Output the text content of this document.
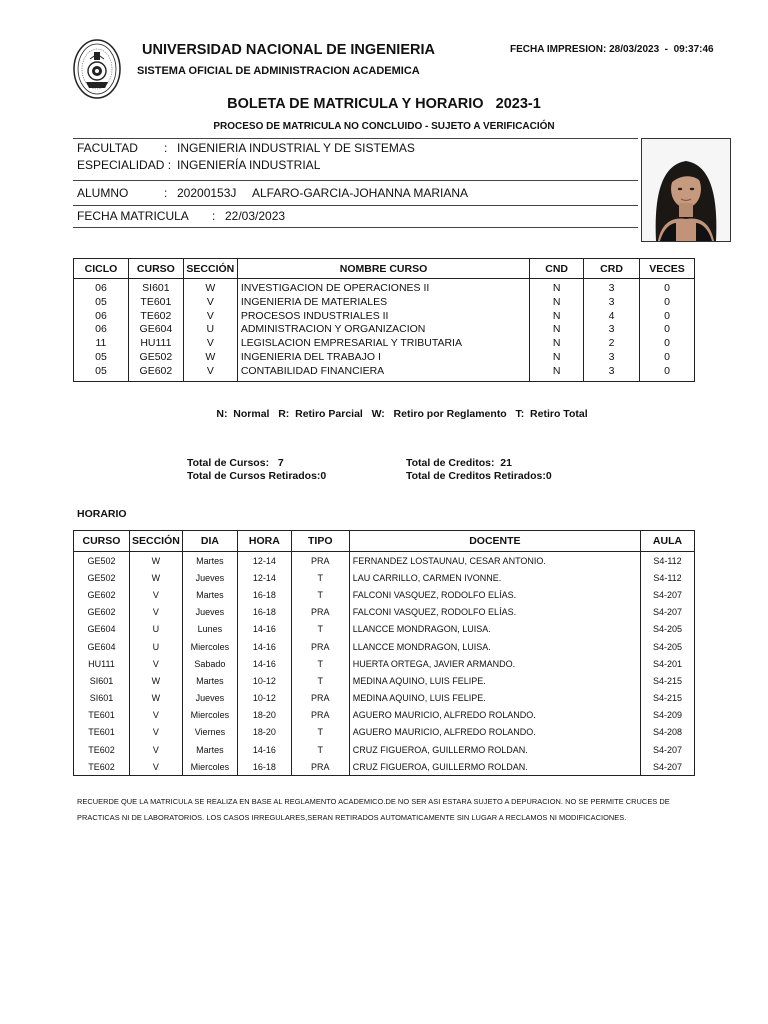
UNIVERSIDAD NACIONAL DE INGENIERIA
SISTEMA OFICIAL DE ADMINISTRACION ACADEMICA
FECHA IMPRESION: 28/03/2023  -  09:37:46
BOLETA DE MATRICULA Y HORARIO   2023-1
PROCESO DE MATRICULA NO CONCLUIDO - SUJETO A VERIFICACIÓN
FACULTAD : INGENIERIA INDUSTRIAL Y DE SISTEMAS
ESPECIALIDAD : INGENIERÍA INDUSTRIAL
ALUMNO	: 20200153J ALFARO-GARCIA-JOHANNA MARIANA
FECHA MATRICULA : 22/03/2023
CICLO	CURSO	SECCIÓN	NOMBRE CURSO	CND	CRD	VECES
06	SI601	W	INVESTIGACION DE OPERACIONES II	N	3	0
05	TE601	V	INGENIERIA DE MATERIALES	N	3	0
06	TE602	V	PROCESOS INDUSTRIALES II	N	4	0
06	GE604	U	ADMINISTRACION Y ORGANIZACION	N	3	0
11	HU111	V	LEGISLACION EMPRESARIAL Y TRIBUTARIA	N	2	0
05	GE502	W	INGENIERIA DEL TRABAJO I	N	3	0
05	GE602	V	CONTABILIDAD FINANCIERA	N	3	0
N:  Normal   R:  Retiro Parcial   W:   Retiro por Reglamento   T:  Retiro Total
Total de Cursos:   7
Total de Cursos Retirados:0
Total de Creditos:  21
Total de Creditos Retirados:0
HORARIO
CURSO	SECCIÓN	DIA	HORA	TIPO	DOCENTE	AULA
GE502	W	Martes	12-14	PRA	FERNANDEZ LOSTAUNAU, CESAR ANTONIO.	S4-112
GE502	W	Jueves	12-14	T	LAU CARRILLO, CARMEN IVONNE.	S4-112
GE602	V	Martes	16-18	T	FALCONI VASQUEZ, RODOLFO ELÍAS.	S4-207
GE602	V	Jueves	16-18	PRA	FALCONI VASQUEZ, RODOLFO ELÍAS.	S4-207
GE604	U	Lunes	14-16	T	LLANCCE MONDRAGON, LUISA.	S4-205
GE604	U	Miercoles	14-16	PRA	LLANCCE MONDRAGON, LUISA.	S4-205
HU111	V	Sabado	14-16	T	HUERTA ORTEGA, JAVIER ARMANDO.	S4-201
SI601	W	Martes	10-12	T	MEDINA AQUINO, LUIS FELIPE.	S4-215
SI601	W	Jueves	10-12	PRA	MEDINA AQUINO, LUIS FELIPE.	S4-215
TE601	V	Miercoles	18-20	PRA	AGUERO MAURICIO, ALFREDO ROLANDO.	S4-209
TE601	V	Viernes	18-20	T	AGUERO MAURICIO, ALFREDO ROLANDO.	S4-208
TE602	V	Martes	14-16	T	CRUZ FIGUEROA, GUILLERMO ROLDAN.	S4-207
TE602	V	Miercoles	16-18	PRA	CRUZ FIGUEROA, GUILLERMO ROLDAN.	S4-207
RECUERDE QUE LA MATRICULA SE REALIZA EN BASE AL REGLAMENTO ACADEMICO.DE NO SER ASI ESTARA SUJETO A DEPURACION. NO SE PERMITE CRUCES DE
PRACTICAS NI DE LABORATORIOS. LOS CASOS IRREGULARES,SERAN RETIRADOS AUTOMATICAMENTE SIN LUGAR A RECLAMOS NI MODIFICACIONES.
